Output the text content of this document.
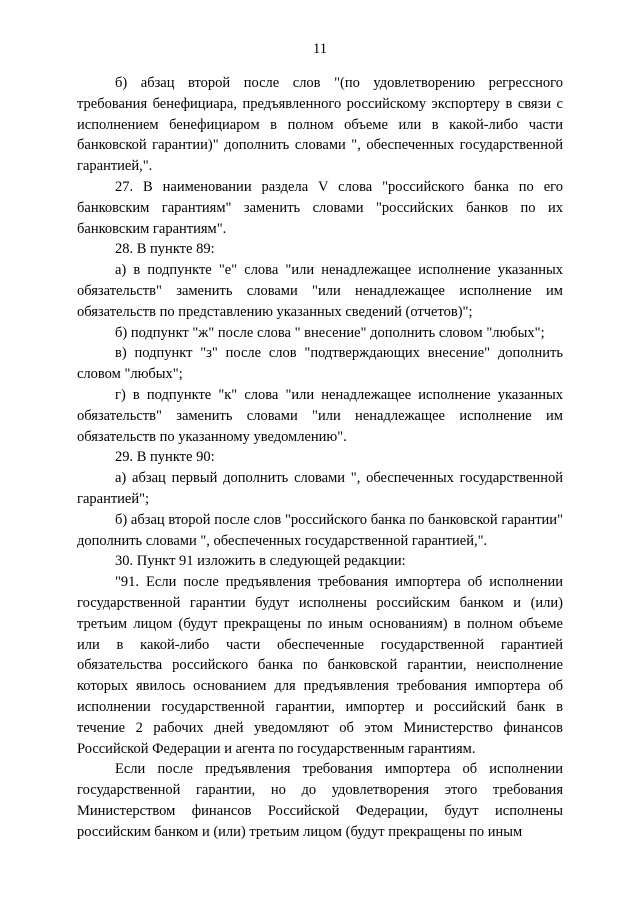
11

б) абзац второй после слов "(по удовлетворению регрессного требования бенефициара, предъявленного российскому экспортеру в связи с исполнением бенефициаром в полном объеме или в какой-либо части банковской гарантии)" дополнить словами ", обеспеченных государственной гарантией,".

27. В наименовании раздела V слова "российского банка по его банковским гарантиям" заменить словами "российских банков по их банковским гарантиям".

28. В пункте 89:

а) в подпункте "е" слова "или ненадлежащее исполнение указанных обязательств" заменить словами "или ненадлежащее исполнение им обязательств по представлению указанных сведений (отчетов)";

б) подпункт "ж" после слова " внесение" дополнить словом "любых";

в) подпункт "з" после слов "подтверждающих внесение" дополнить словом "любых";

г) в подпункте "к" слова "или ненадлежащее исполнение указанных обязательств" заменить словами "или ненадлежащее исполнение им обязательств по указанному уведомлению".

29. В пункте 90:

а) абзац первый дополнить словами ", обеспеченных государственной гарантией";

б) абзац второй после слов "российского банка по банковской гарантии" дополнить словами ", обеспеченных государственной гарантией,".

30. Пункт 91 изложить в следующей редакции:

"91. Если после предъявления требования импортера об исполнении государственной гарантии будут исполнены российским банком и (или) третьим лицом (будут прекращены по иным основаниям) в полном объеме или в какой-либо части обеспеченные государственной гарантией обязательства российского банка по банковской гарантии, неисполнение которых явилось основанием для предъявления требования импортера об исполнении государственной гарантии, импортер и российский банк в течение 2 рабочих дней уведомляют об этом Министерство финансов Российской Федерации и агента по государственным гарантиям.

Если после предъявления требования импортера об исполнении государственной гарантии, но до удовлетворения этого требования Министерством финансов Российской Федерации, будут исполнены российским банком и (или) третьим лицом (будут прекращены по иным
